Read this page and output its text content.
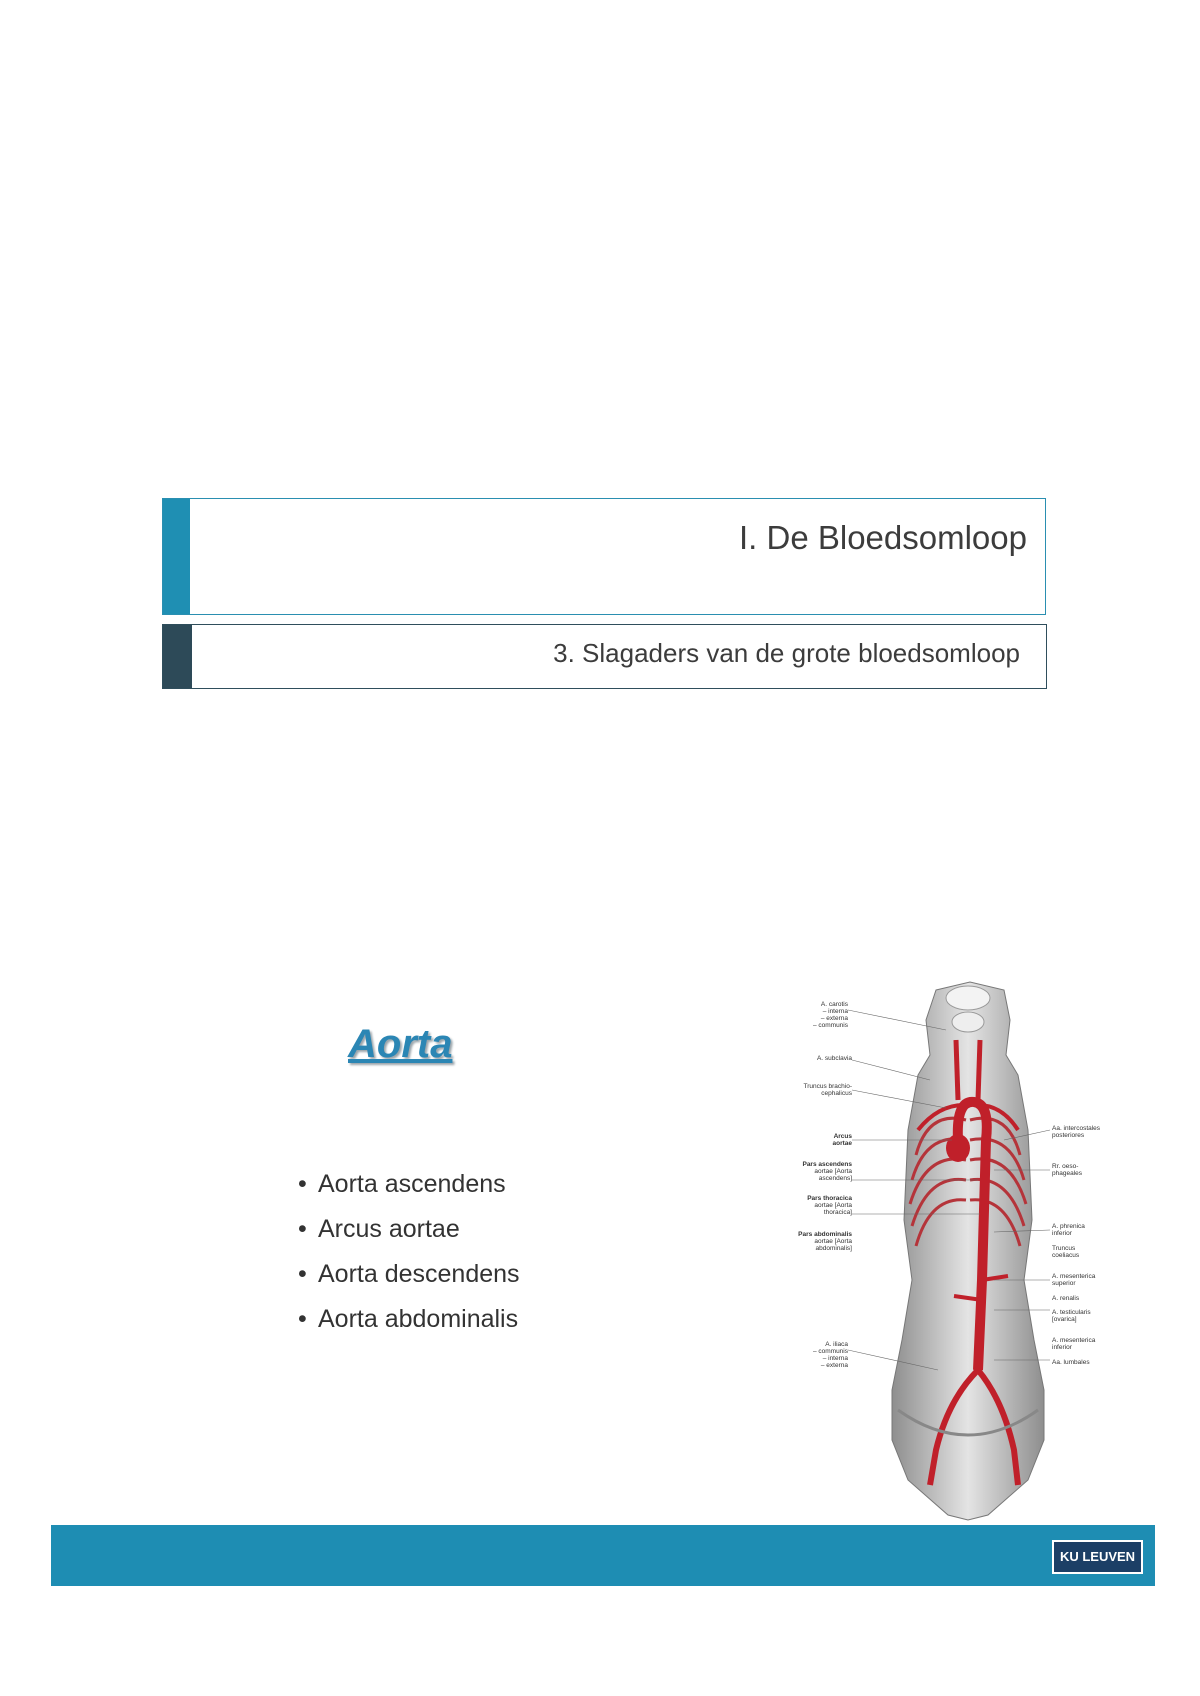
I. De Bloedsomloop
3. Slagaders van de grote bloedsomloop
Aorta
• Aorta ascendens
• Arcus aortae
• Aorta descendens
• Aorta abdominalis
A. carotis
– interna
– externa
– communis
A. subclavia
Truncus brachio-
cephalicus
Arcus
aortae
Pars ascendens
aortae [Aorta
ascendens]
Pars thoracica
aortae [Aorta
thoracica]
Pars abdominalis
aortae [Aorta
abdominalis]
A. iliaca
– communis
– interna
– externa
Aa. intercostales
posteriores
Rr. oeso-
phageales
A. phrenica
inferior
Truncus
coeliacus
A. mesenterica
superior
A. renalis
A. testicularis
[ovarica]
A. mesenterica
inferior
Aa. lumbales
KU LEUVEN
